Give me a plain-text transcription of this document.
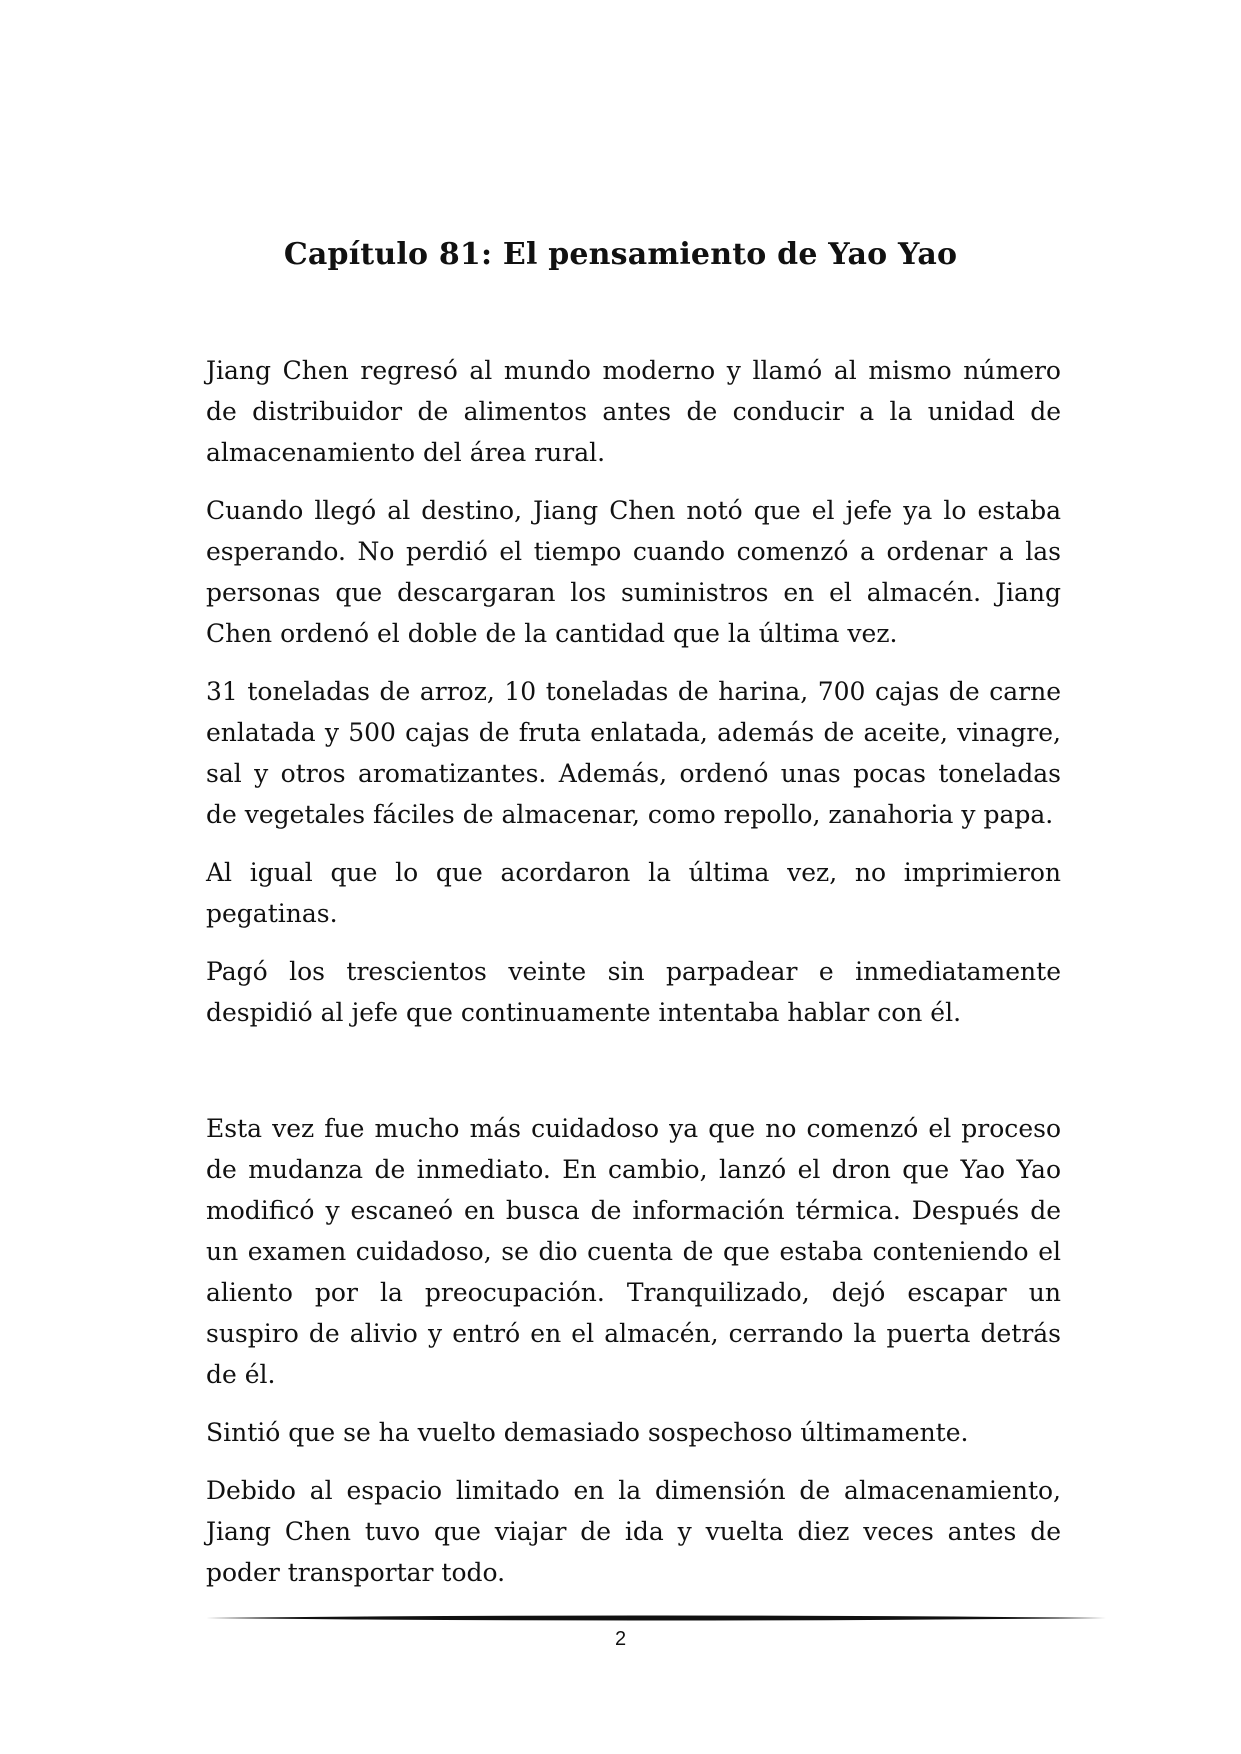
Capítulo 81: El pensamiento de Yao Yao

Jiang Chen regresó al mundo moderno y llamó al mismo número de distribuidor de alimentos antes de conducir a la unidad de almacenamiento del área rural.

Cuando llegó al destino, Jiang Chen notó que el jefe ya lo estaba esperando. No perdió el tiempo cuando comenzó a ordenar a las personas que descargaran los suministros en el almacén. Jiang Chen ordenó el doble de la cantidad que la última vez.

31 toneladas de arroz, 10 toneladas de harina, 700 cajas de carne enlatada y 500 cajas de fruta enlatada, además de aceite, vinagre, sal y otros aromatizantes. Además, ordenó unas pocas toneladas de vegetales fáciles de almacenar, como repollo, zanahoria y papa.

Al igual que lo que acordaron la última vez, no imprimieron pegatinas.

Pagó los trescientos veinte sin parpadear e inmediatamente despidió al jefe que continuamente intentaba hablar con él.

Esta vez fue mucho más cuidadoso ya que no comenzó el proceso de mudanza de inmediato. En cambio, lanzó el dron que Yao Yao modificó y escaneó en busca de información térmica. Después de un examen cuidadoso, se dio cuenta de que estaba conteniendo el aliento por la preocupación. Tranquilizado, dejó escapar un suspiro de alivio y entró en el almacén, cerrando la puerta detrás de él.

Sintió que se ha vuelto demasiado sospechoso últimamente.

Debido al espacio limitado en la dimensión de almacenamiento, Jiang Chen tuvo que viajar de ida y vuelta diez veces antes de poder transportar todo.

2
